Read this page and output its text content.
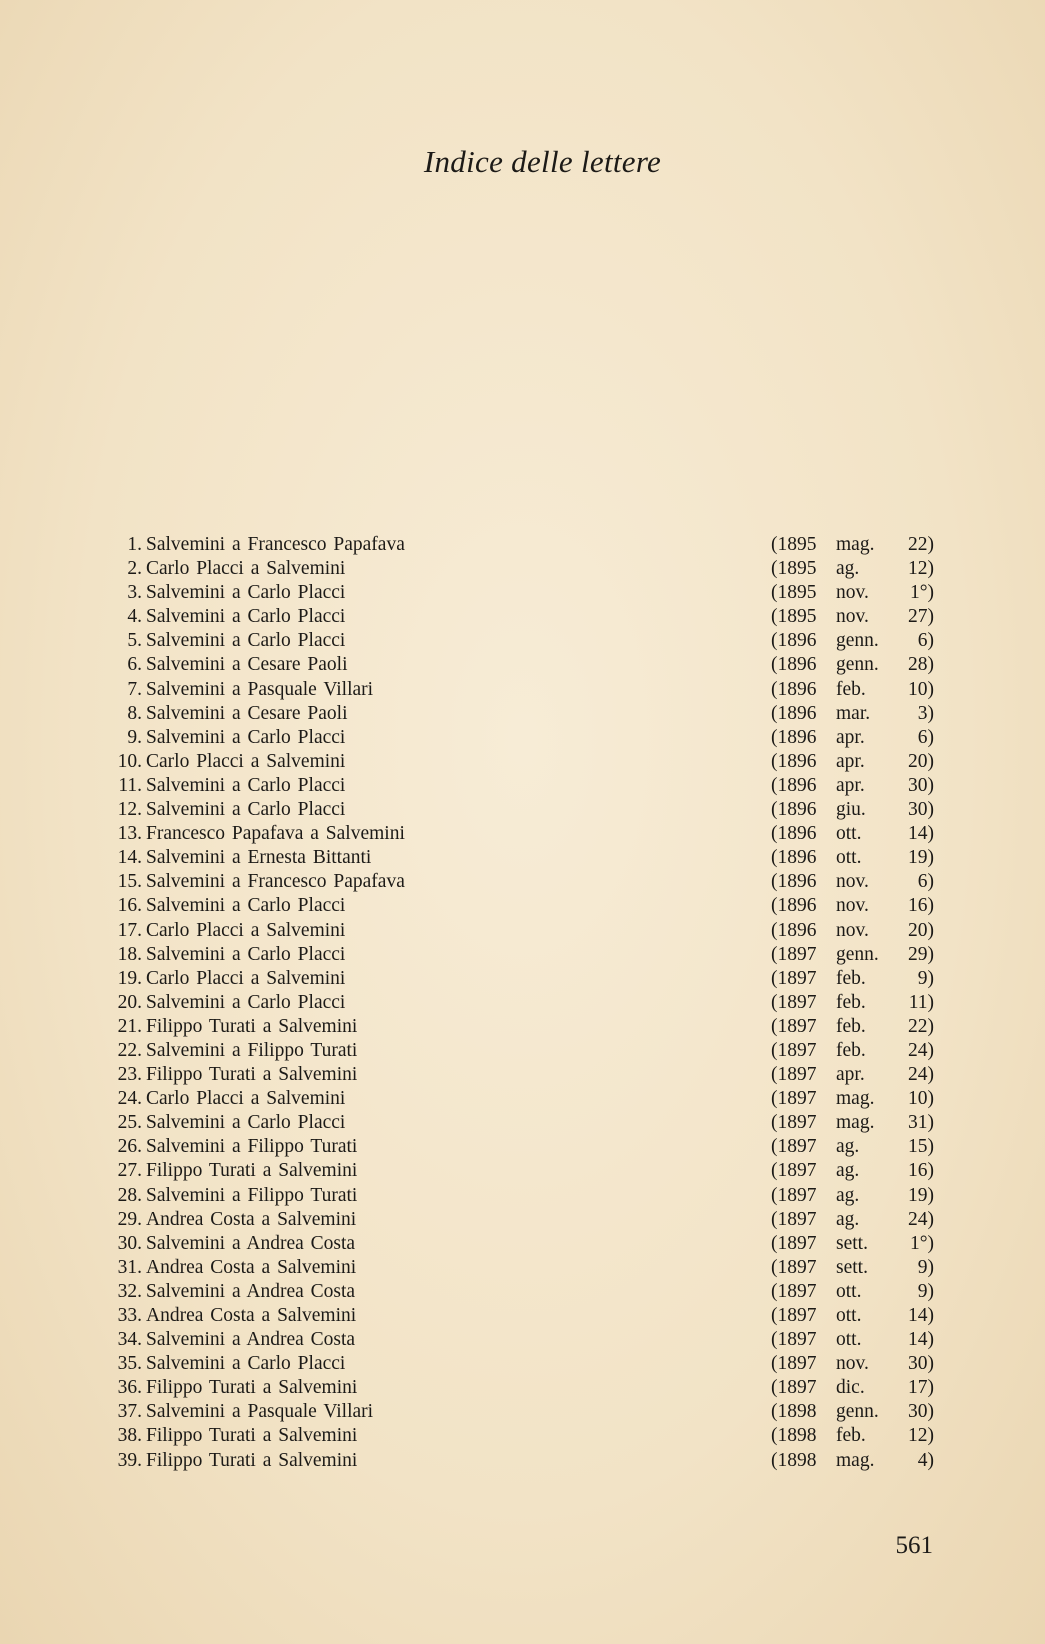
Indice delle lettere
1. Salvemini a Francesco Papafava	(1895 mag. 22)
2. Carlo Placci a Salvemini	(1895 ag. 12)
3. Salvemini a Carlo Placci	(1895 nov. 1°)
4. Salvemini a Carlo Placci	(1895 nov. 27)
5. Salvemini a Carlo Placci	(1896 genn. 6)
6. Salvemini a Cesare Paoli	(1896 genn. 28)
7. Salvemini a Pasquale Villari	(1896 feb. 10)
8. Salvemini a Cesare Paoli	(1896 mar. 3)
9. Salvemini a Carlo Placci	(1896 apr.	6)
10. Carlo Placci a Salvemini	(1896 apr. 20)
11. Salvemini a Carlo Placci	(1896 apr. 30)
12. Salvemini a Carlo Placci	(1896 giu. 30)
13. Francesco Papafava a Salvemini	(1896 ott. 14)
14. Salvemini a Ernesta Bittanti	(1896 ott. 19)
15. Salvemini a Francesco Papafava	(1896 nov.	6)
16. Salvemini a Carlo Placci	(1896 nov. 16)
17. Carlo Placci a Salvemini	(1896 nov. 20)
18. Salvemini a Carlo Placci	(1897 genn. 29)
19. Carlo Placci a Salvemini	(1897 feb.	9)
20. Salvemini a Carlo Placci	(1897 feb. 11)
21. Filippo Turati a Salvemini	(1897 feb. 22)
22. Salvemini a Filippo Turati	(1897 feb. 24)
23. Filippo Turati a Salvemini	(1897 apr. 24)
24. Carlo Placci a Salvemini	(1897 mag. 10)
25. Salvemini a Carlo Placci	(1897 mag. 31)
26. Salvemini a Filippo Turati	(1897 ag. 15)
27. Filippo Turati a Salvemini	(1897 ag. 16)
28. Salvemini a Filippo Turati	(1897 ag. 19)
29. Andrea Costa a Salvemini	(1897 ag. 24)
30. Salvemini a Andrea Costa	(1897 sett. 1°)
31. Andrea Costa a Salvemini	(1897 sett.	9)
32. Salvemini a Andrea Costa	(1897 ott.	9)
33. Andrea Costa a Salvemini	(1897 ott. 14)
34. Salvemini a Andrea Costa	(1897 ott. 14)
35. Salvemini a Carlo Placci	(1897 nov. 30)
36. Filippo Turati a Salvemini	(1897 dic. 17)
37. Salvemini a Pasquale Villari	(1898 genn. 30)
38. Filippo Turati a Salvemini	(1898 feb. 12)
39. Filippo Turati a Salvemini	(1898 mag. 4)
561
